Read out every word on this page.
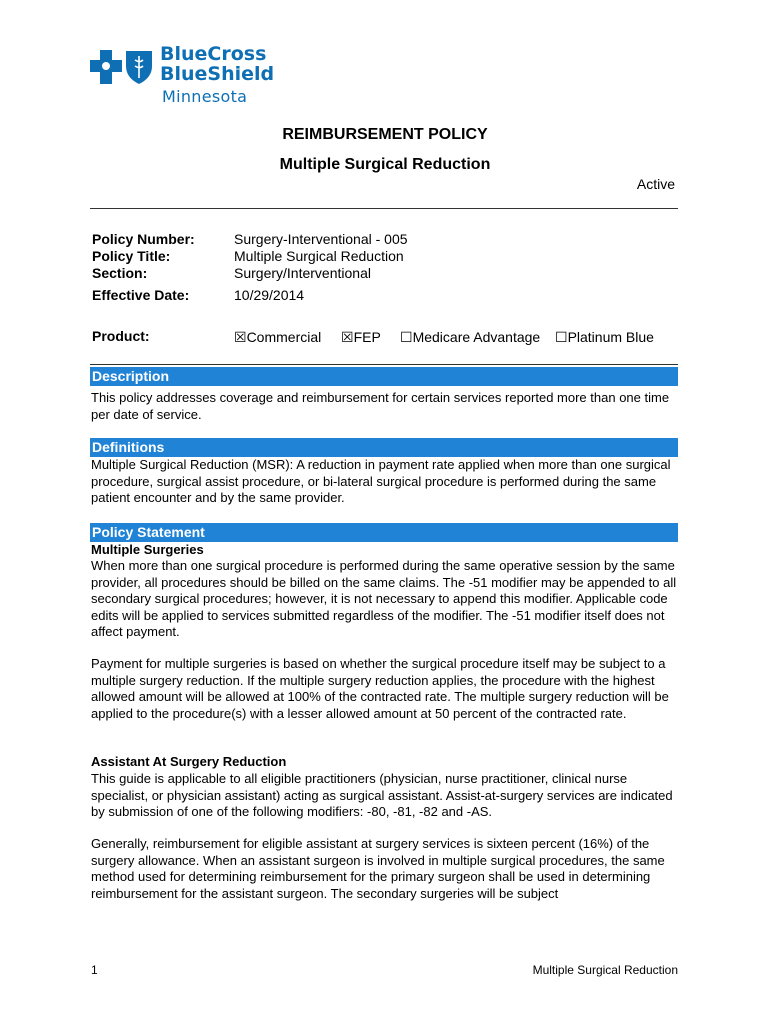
BlueCross
BlueShield
Minnesota
REIMBURSEMENT POLICY
Multiple Surgical Reduction
Active
Policy Number:	Surgery-Interventional - 005
Policy Title:	Multiple Surgical Reduction
Section:	Surgery/Interventional
Effective Date:	10/29/2014
Product:	☒Commercial ☒FEP ☐Medicare Advantage ☐Platinum Blue
Description
This policy addresses coverage and reimbursement for certain services reported more than one time per date of service.
Definitions
Multiple Surgical Reduction (MSR): A reduction in payment rate applied when more than one surgical procedure, surgical assist procedure, or bi-lateral surgical procedure is performed during the same patient encounter and by the same provider.
Policy Statement
Multiple Surgeries
When more than one surgical procedure is performed during the same operative session by the same provider, all procedures should be billed on the same claims. The -51 modifier may be appended to all secondary surgical procedures; however, it is not necessary to append this modifier. Applicable code edits will be applied to services submitted regardless of the modifier. The -51 modifier itself does not affect payment.
Payment for multiple surgeries is based on whether the surgical procedure itself may be subject to a multiple surgery reduction. If the multiple surgery reduction applies, the procedure with the highest allowed amount will be allowed at 100% of the contracted rate. The multiple surgery reduction will be applied to the procedure(s) with a lesser allowed amount at 50 percent of the contracted rate.
Assistant At Surgery Reduction
This guide is applicable to all eligible practitioners (physician, nurse practitioner, clinical nurse specialist, or physician assistant) acting as surgical assistant. Assist-at-surgery services are indicated by submission of one of the following modifiers: -80, -81, -82 and -AS.
Generally, reimbursement for eligible assistant at surgery services is sixteen percent (16%) of the surgery allowance. When an assistant surgeon is involved in multiple surgical procedures, the same method used for determining reimbursement for the primary surgeon shall be used in determining reimbursement for the assistant surgeon. The secondary surgeries will be subject
1	Multiple Surgical Reduction
